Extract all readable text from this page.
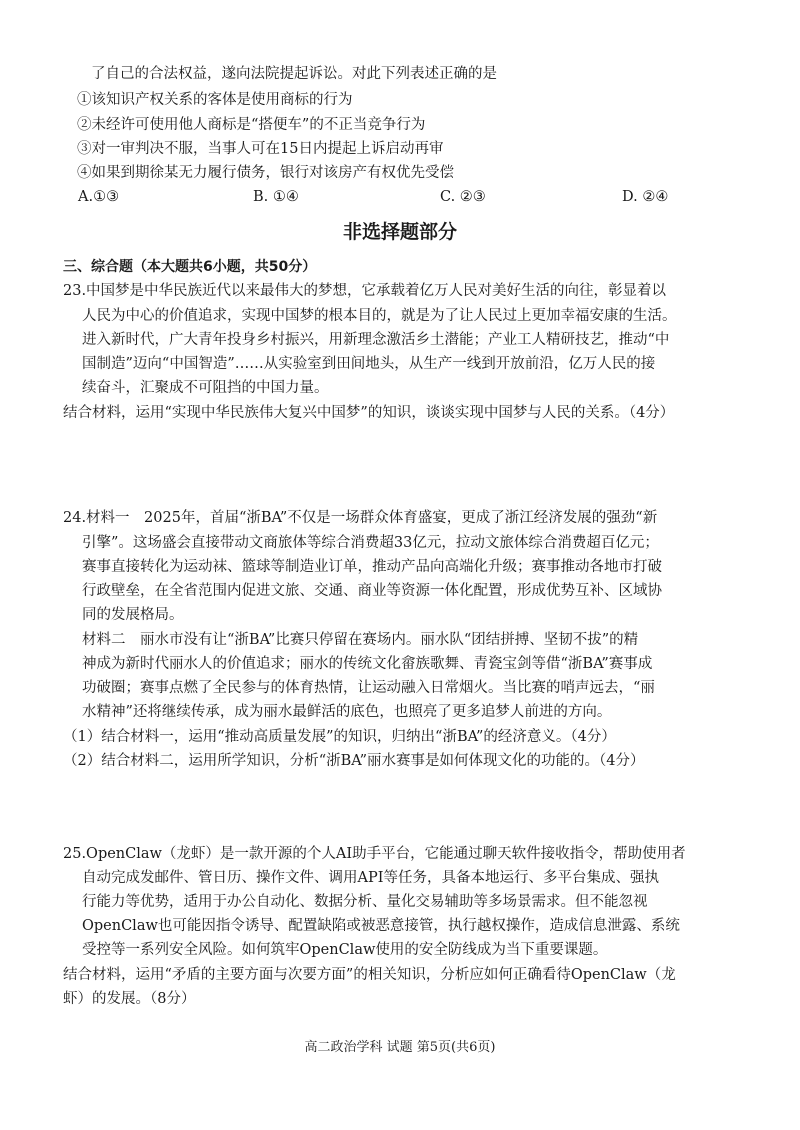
了自己的合法权益，遂向法院提起诉讼。对此下列表述正确的是
①该知识产权关系的客体是使用商标的行为
②未经许可使用他人商标是“搭便车”的不正当竞争行为
③对一审判决不服，当事人可在15日内提起上诉启动再审
④如果到期徐某无力履行债务，银行对该房产有权优先受偿
A.①③	B. ①④	C. ②③	D. ②④
非选择题部分
三、综合题（本大题共6小题，共50分）
23.中国梦是中华民族近代以来最伟大的梦想，它承载着亿万人民对美好生活的向往，彰显着以
人民为中心的价值追求，实现中国梦的根本目的，就是为了让人民过上更加幸福安康的生活。
进入新时代，广大青年投身乡村振兴，用新理念激活乡土潜能；产业工人精研技艺，推动“中
国制造”迈向“中国智造”……从实验室到田间地头，从生产一线到开放前沿，亿万人民的接
续奋斗，汇聚成不可阻挡的中国力量。
结合材料，运用“实现中华民族伟大复兴中国梦”的知识，谈谈实现中国梦与人民的关系。（4分）
24.材料一　2025年，首届“浙BA”不仅是一场群众体育盛宴，更成了浙江经济发展的强劲“新
引擎”。这场盛会直接带动文商旅体等综合消费超33亿元，拉动文旅体综合消费超百亿元；
赛事直接转化为运动袜、篮球等制造业订单，推动产品向高端化升级；赛事推动各地市打破
行政壁垒，在全省范围内促进文旅、交通、商业等资源一体化配置，形成优势互补、区域协
同的发展格局。
材料二　丽水市没有让“浙BA”比赛只停留在赛场内。丽水队“团结拼搏、坚韧不拔”的精
神成为新时代丽水人的价值追求；丽水的传统文化畲族歌舞、青瓷宝剑等借“浙BA”赛事成
功破圈；赛事点燃了全民参与的体育热情，让运动融入日常烟火。当比赛的哨声远去，“丽
水精神”还将继续传承，成为丽水最鲜活的底色，也照亮了更多追梦人前进的方向。
（1）结合材料一，运用“推动高质量发展”的知识，归纳出“浙BA”的经济意义。（4分）
（2）结合材料二，运用所学知识，分析“浙BA”丽水赛事是如何体现文化的功能的。（4分）
25.OpenClaw（龙虾）是一款开源的个人AI助手平台，它能通过聊天软件接收指令，帮助使用者
自动完成发邮件、管日历、操作文件、调用API等任务，具备本地运行、多平台集成、强执
行能力等优势，适用于办公自动化、数据分析、量化交易辅助等多场景需求。但不能忽视
OpenClaw也可能因指令诱导、配置缺陷或被恶意接管，执行越权操作，造成信息泄露、系统
受控等一系列安全风险。如何筑牢OpenClaw使用的安全防线成为当下重要课题。
结合材料，运用“矛盾的主要方面与次要方面”的相关知识，分析应如何正确看待OpenClaw（龙
虾）的发展。（8分）
高二政治学科 试题 第5页(共6页)
